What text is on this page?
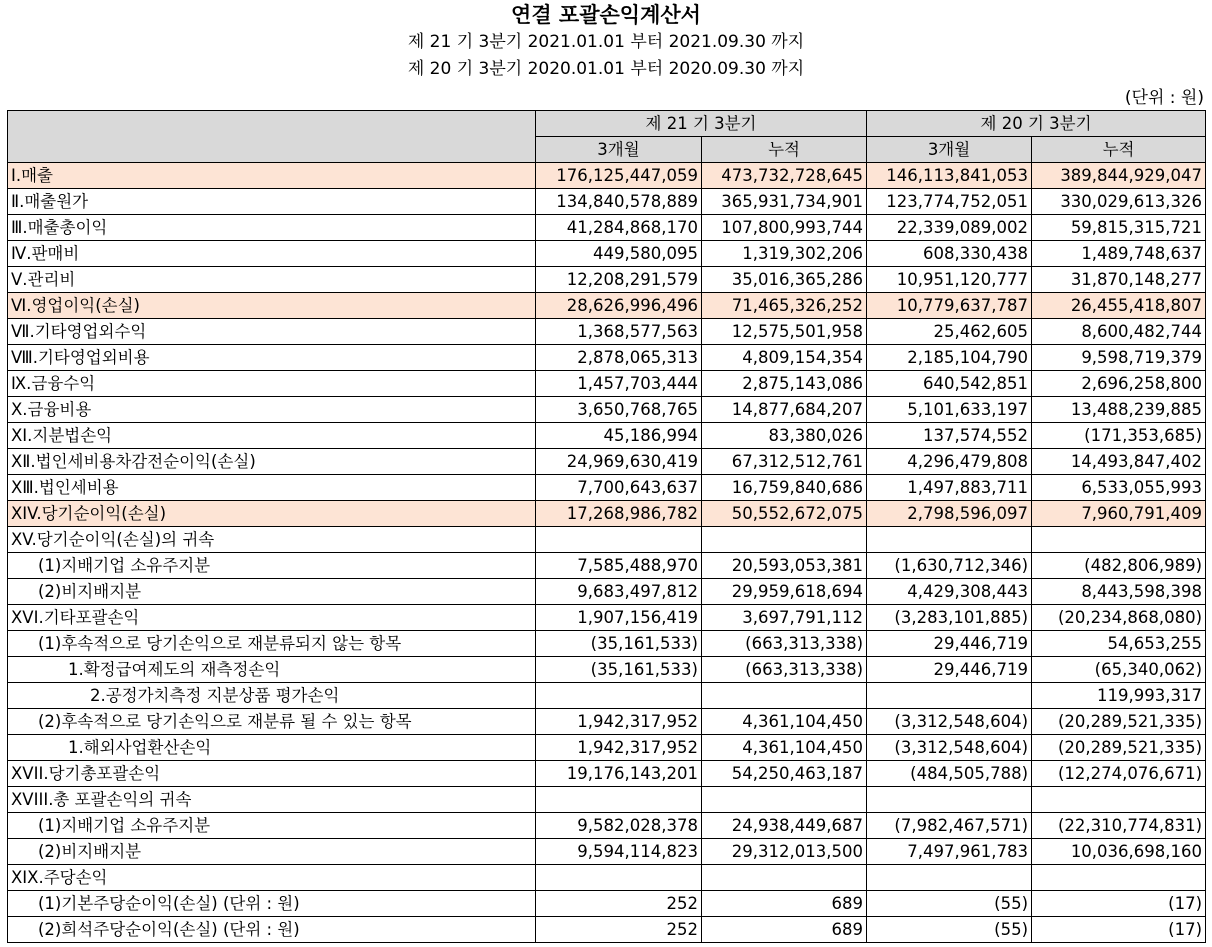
연결 포괄손익계산서
제 21 기 3분기 2021.01.01 부터 2021.09.30 까지
제 20 기 3분기 2020.01.01 부터 2020.09.30 까지
(단위 : 원)
	제 21 기 3분기		제 20 기 3분기	
	3개월	누적	3개월	누적
Ⅰ.매출	176,125,447,059	473,732,728,645	146,113,841,053	389,844,929,047
Ⅱ.매출원가	134,840,578,889	365,931,734,901	123,774,752,051	330,029,613,326
Ⅲ.매출총이익	41,284,868,170	107,800,993,744	22,339,089,002	59,815,315,721
Ⅳ.판매비	449,580,095	1,319,302,206	608,330,438	1,489,748,637
Ⅴ.관리비	12,208,291,579	35,016,365,286	10,951,120,777	31,870,148,277
Ⅵ.영업이익(손실)	28,626,996,496	71,465,326,252	10,779,637,787	26,455,418,807
Ⅶ.기타영업외수익	1,368,577,563	12,575,501,958	25,462,605	8,600,482,744
Ⅷ.기타영업외비용	2,878,065,313	4,809,154,354	2,185,104,790	9,598,719,379
Ⅸ.금융수익	1,457,703,444	2,875,143,086	640,542,851	2,696,258,800
Ⅹ.금융비용	3,650,768,765	14,877,684,207	5,101,633,197	13,488,239,885
XI.지분법손익	45,186,994	83,380,026	137,574,552	(171,353,685)
XⅡ.법인세비용차감전순이익(손실)	24,969,630,419	67,312,512,761	4,296,479,808	14,493,847,402
XⅢ.법인세비용	7,700,643,637	16,759,840,686	1,497,883,711	6,533,055,993
XIV.당기순이익(손실)	17,268,986,782	50,552,672,075	2,798,596,097	7,960,791,409
XV.당기순이익(손실)의 귀속				
(1)지배기업 소유주지분	7,585,488,970	20,593,053,381	(1,630,712,346)	(482,806,989)
(2)비지배지분	9,683,497,812	29,959,618,694	4,429,308,443	8,443,598,398
XVI.기타포괄손익	1,907,156,419	3,697,791,112	(3,283,101,885)	(20,234,868,080)
(1)후속적으로 당기손익으로 재분류되지 않는 항목	(35,161,533)	(663,313,338)	29,446,719	54,653,255
1.확정급여제도의 재측정손익	(35,161,533)	(663,313,338)	29,446,719	(65,340,062)
2.공정가치측정 지분상품 평가손익				119,993,317
(2)후속적으로 당기손익으로 재분류 될 수 있는 항목	1,942,317,952	4,361,104,450	(3,312,548,604)	(20,289,521,335)
1.해외사업환산손익	1,942,317,952	4,361,104,450	(3,312,548,604)	(20,289,521,335)
XVII.당기총포괄손익	19,176,143,201	54,250,463,187	(484,505,788)	(12,274,076,671)
XVIII.총 포괄손익의 귀속				
(1)지배기업 소유주지분	9,582,028,378	24,938,449,687	(7,982,467,571)	(22,310,774,831)
(2)비지배지분	9,594,114,823	29,312,013,500	7,497,961,783	10,036,698,160
XIX.주당손익				
(1)기본주당순이익(손실) (단위 : 원)	252	689	(55)	(17)
(2)희석주당순이익(손실) (단위 : 원)	252	689	(55)	(17)
